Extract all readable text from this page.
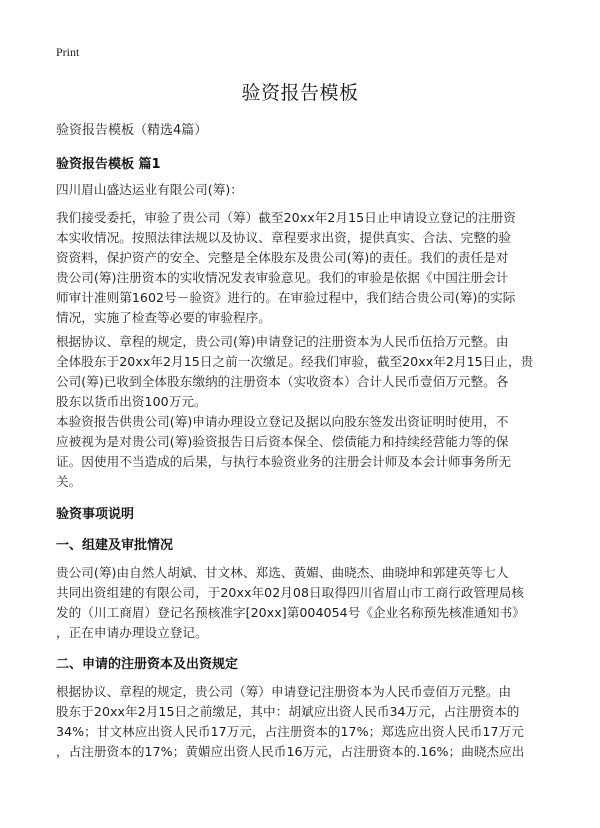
Print
验资报告模板
验资报告模板（精选4篇）
验资报告模板 篇1
四川眉山盛达运业有限公司(筹)：
我们接受委托，审验了贵公司（筹）截至20xx年2月15日止申请设立登记的注册资
本实收情况。按照法律法规以及协议、章程要求出资，提供真实、合法、完整的验
资资料，保护资产的安全、完整是全体股东及贵公司(筹)的责任。我们的责任是对
贵公司(筹)注册资本的实收情况发表审验意见。我们的审验是依据《中国注册会计
师审计准则第1602号－验资》进行的。在审验过程中，我们结合贵公司(筹)的实际
情况，实施了检查等必要的审验程序。
根据协议、章程的规定，贵公司(筹)申请登记的注册资本为人民币伍拾万元整。由
全体股东于20xx年2月15日之前一次缴足。经我们审验，截至20xx年2月15日止，贵
公司(筹)已收到全体股东缴纳的注册资本（实收资本）合计人民币壹佰万元整。各
股东以货币出资100万元。
本验资报告供贵公司(筹)申请办理设立登记及据以向股东签发出资证明时使用，不
应被视为是对贵公司(筹)验资报告日后资本保全、偿债能力和持续经营能力等的保
证。因使用不当造成的后果，与执行本验资业务的注册会计师及本会计师事务所无
关。
验资事项说明
一、组建及审批情况
贵公司(筹)由自然人胡斌、甘文林、郑选、黄媚、曲晓杰、曲晓坤和郭建英等七人
共同出资组建的有限公司，于20xx年02月08日取得四川省眉山市工商行政管理局核
发的（川工商眉）登记名预核准字[20xx]第004054号《企业名称预先核准通知书》
，正在申请办理设立登记。
二、申请的注册资本及出资规定
根据协议、章程的规定，贵公司（筹）申请登记注册资本为人民币壹佰万元整。由
股东于20xx年2月15日之前缴足，其中：胡斌应出资人民币34万元，占注册资本的
34%；甘文林应出资人民币17万元，占注册资本的17%；郑选应出资人民币17万元
，占注册资本的17%；黄媚应出资人民币16万元，占注册资本的.16%；曲晓杰应出
